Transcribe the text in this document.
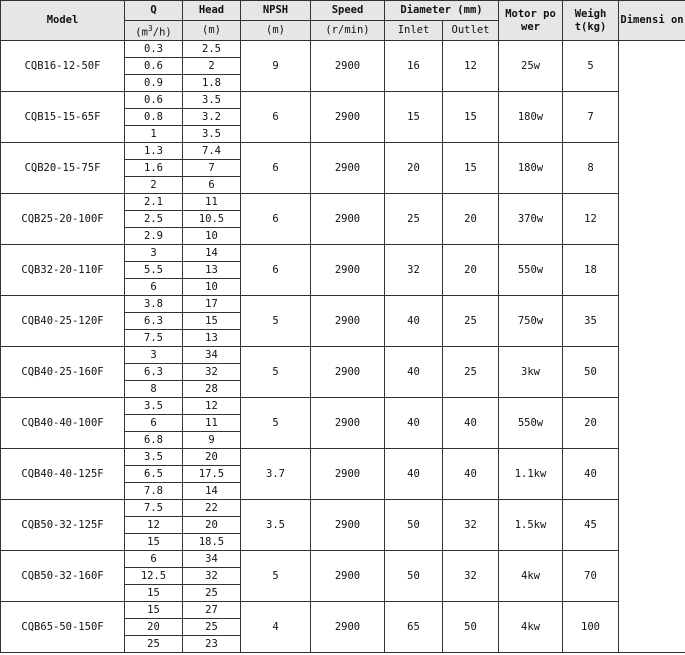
Model	Q	Head	NPSH	Speed	Diameter (mm)		Motor po wer	Weigh t(kg)	Dimensi on
	$(m^3/h)$	(m)	(m)	(r/min)	Inlet	Outlet			
CQB16-12-50F	0.3	2.5	9	2900	16	12	25w	5	
	0.6	2							
	0.9	1.8							
CQB15-15-65F	0.6	3.5	6	2900	15	15	180w	7	
	0.8	3.2							
	1	3.5							
CQB20-15-75F	1.3	7.4	6	2900	20	15	180w	8	
	1.6	7							
	2	6							
CQB25-20-100F	2.1	11	6	2900	25	20	370w	12	
	2.5	10.5							
	2.9	10							
CQB32-20-110F	3	14	6	2900	32	20	550w	18	
	5.5	13							
	6	10							
CQB40-25-120F	3.8	17	5	2900	40	25	750w	35	
	6.3	15							
	7.5	13							
CQB40-25-160F	3	34	5	2900	40	25	3kw	50	
	6.3	32							
	8	28							
CQB40-40-100F	3.5	12	5	2900	40	40	550w	20	
	6	11							
	6.8	9							
CQB40-40-125F	3.5	20	3.7	2900	40	40	1.1kw	40	
	6.5	17.5							
	7.8	14							
CQB50-32-125F	7.5	22	3.5	2900	50	32	1.5kw	45	
	12	20							
	15	18.5							
CQB50-32-160F	6	34	5	2900	50	32	4kw	70	
	12.5	32							
	15	25							
CQB65-50-150F	15	27	4	2900	65	50	4kw	100	
	20	25							
	25	23							
